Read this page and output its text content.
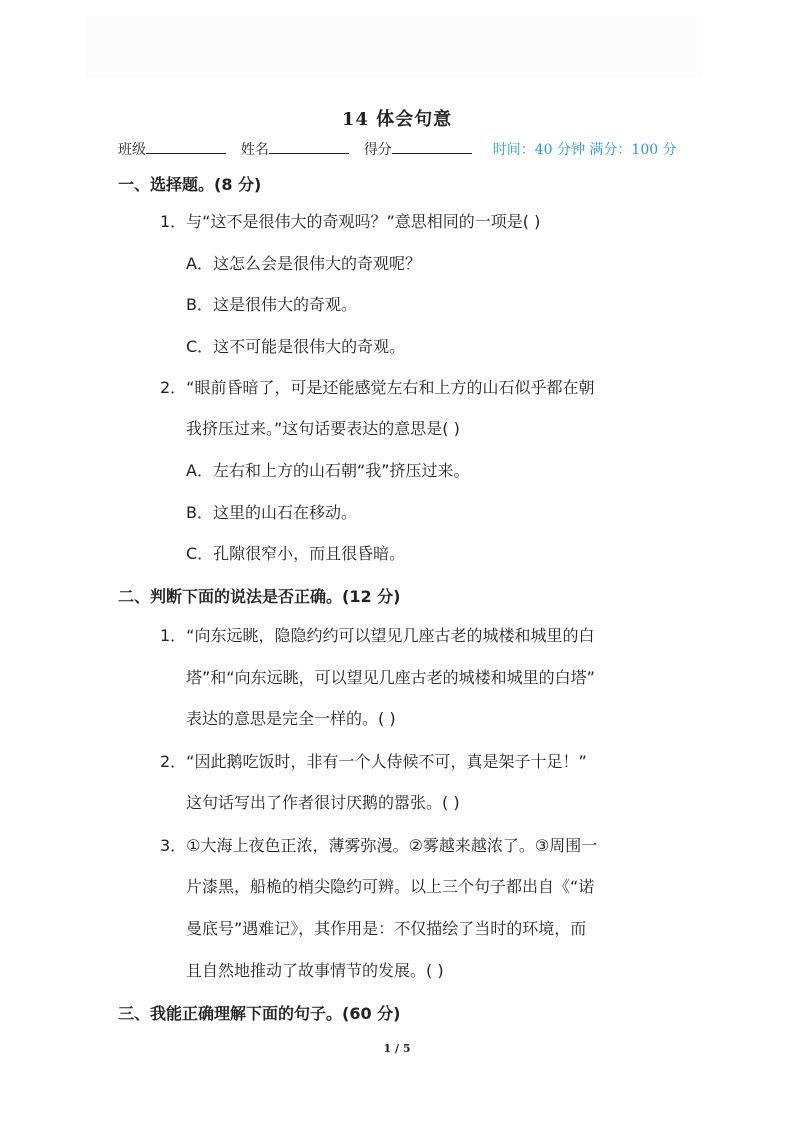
14 体会句意
班级	姓名	得分	时间：40 分钟 满分：100 分
一、选择题。(8 分)
1．与“这不是很伟大的奇观吗？”意思相同的一项是( )
A．这怎么会是很伟大的奇观呢？
B．这是很伟大的奇观。
C．这不可能是很伟大的奇观。
2．“眼前昏暗了，可是还能感觉左右和上方的山石似乎都在朝
我挤压过来。”这句话要表达的意思是( )
A．左右和上方的山石朝“我”挤压过来。
B．这里的山石在移动。
C．孔隙很窄小，而且很昏暗。
二、判断下面的说法是否正确。(12 分)
1．“向东远眺，隐隐约约可以望见几座古老的城楼和城里的白
塔”和“向东远眺，可以望见几座古老的城楼和城里的白塔”
表达的意思是完全一样的。( )
2．“因此鹅吃饭时，非有一个人侍候不可，真是架子十足！”
这句话写出了作者很讨厌鹅的嚣张。( )
3．①大海上夜色正浓，薄雾弥漫。②雾越来越浓了。③周围一
片漆黑，船桅的梢尖隐约可辨。以上三个句子都出自《“诺
曼底号”遇难记》，其作用是：不仅描绘了当时的环境，而
且自然地推动了故事情节的发展。( )
三、我能正确理解下面的句子。(60 分)
1 / 5
